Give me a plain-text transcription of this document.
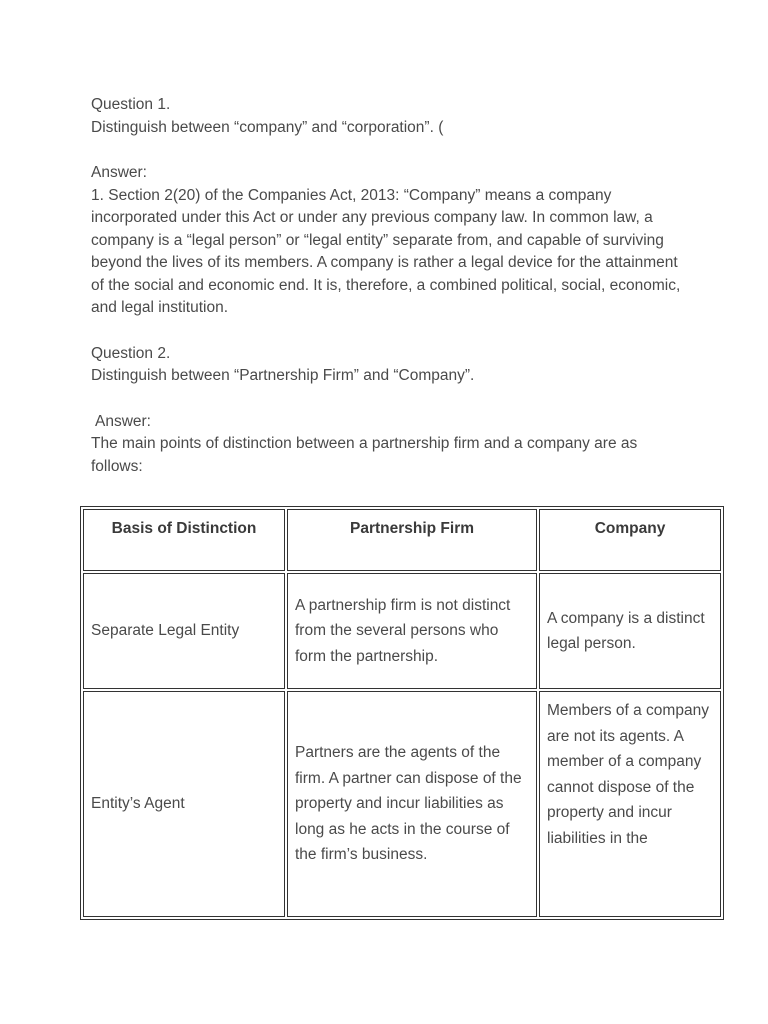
Question 1.

Distinguish between “company” and “corporation”. (

Answer:

1. Section 2(20) of the Companies Act, 2013: “Company” means a company incorporated under this Act or under any previous company law. In common law, a company is a “legal person” or “legal entity” separate from, and capable of surviving beyond the lives of its members. A company is rather a legal device for the attainment of the social and economic end. It is, therefore, a combined political, social, economic, and legal institution.

Question 2.

Distinguish between “Partnership Firm” and “Company”.

Answer:

The main points of distinction between a partnership firm and a company are as follows:

Basis of Distinction	Partnership Firm	Company
Separate Legal Entity	A partnership firm is not distinct from the several persons who form the partnership.	A company is a distinct legal person.
Entity’s Agent	Partners are the agents of the firm. A partner can dispose of the property and incur liabilities as long as he acts in the course of the firm’s business.	Members of a company are not its agents. A member of a company cannot dispose of the property and incur liabilities in the
